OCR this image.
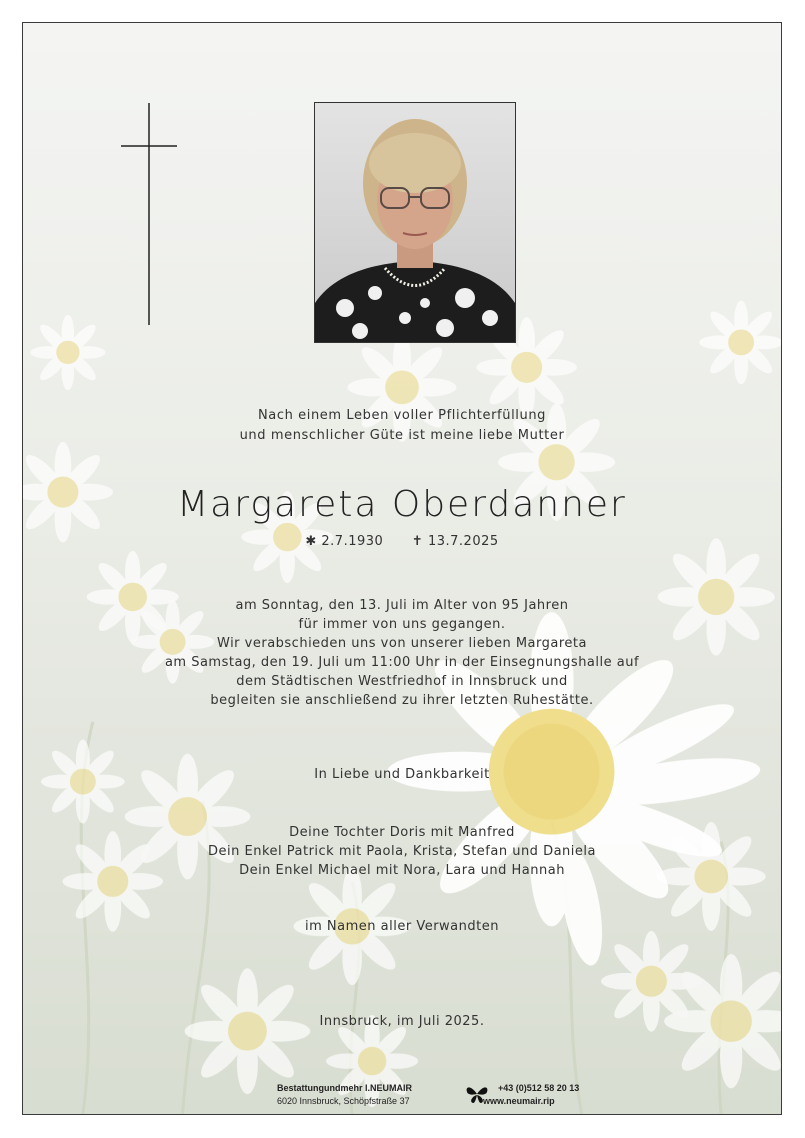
Nach einem Leben voller Pflichterfüllung
und menschlicher Güte ist meine liebe Mutter
Margareta Oberdanner
✱ 2.7.1930 ✝ 13.7.2025
am Sonntag, den 13. Juli im Alter von 95 Jahren
für immer von uns gegangen.
Wir verabschieden uns von unserer lieben Margareta
am Samstag, den 19. Juli um 11:00 Uhr in der Einsegnungshalle auf
dem Städtischen Westfriedhof in Innsbruck und
begleiten sie anschließend zu ihrer letzten Ruhestätte.
In Liebe und Dankbarkeit
Deine Tochter Doris mit Manfred
Dein Enkel Patrick mit Paola, Krista, Stefan und Daniela
Dein Enkel Michael mit Nora, Lara und Hannah
im Namen aller Verwandten
Innsbruck, im Juli 2025.
Bestattungundmehr I.NEUMAIR
6020 Innsbruck, Schöpfstraße 37
+43 (0)512 58 20 13
www.neumair.rip
